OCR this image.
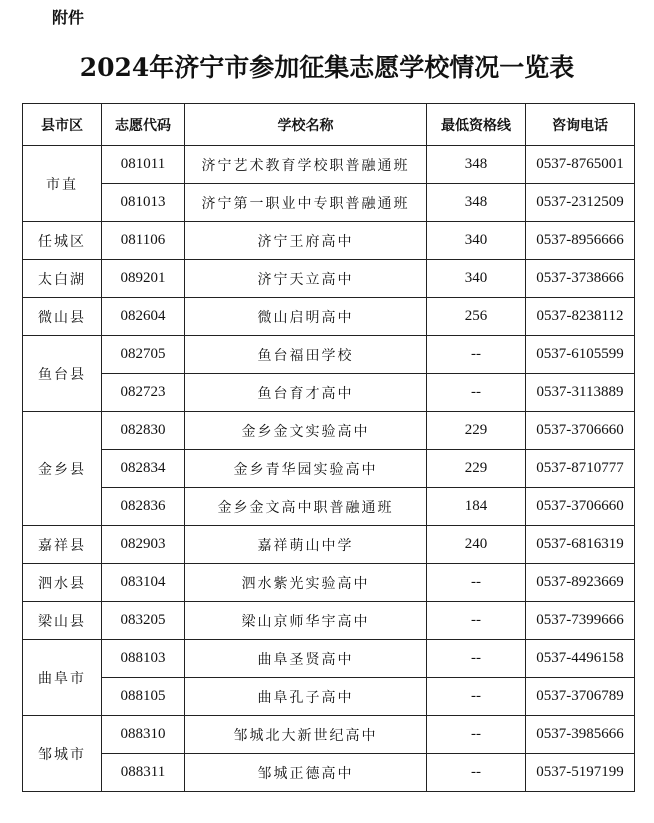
附件
2024年济宁市参加征集志愿学校情况一览表
县市区	志愿代码	学校名称	最低资格线	咨询电话
市直	081011	济宁艺术教育学校职普融通班	348	0537-8765001
	081013	济宁第一职业中专职普融通班	348	0537-2312509
任城区	081106	济宁王府高中	340	0537-8956666
太白湖	089201	济宁天立高中	340	0537-3738666
微山县	082604	微山启明高中	256	0537-8238112
鱼台县	082705	鱼台福田学校	--	0537-6105599
	082723	鱼台育才高中	--	0537-3113889
金乡县	082830	金乡金文实验高中	229	0537-3706660
	082834	金乡青华园实验高中	229	0537-8710777
	082836	金乡金文高中职普融通班	184	0537-3706660
嘉祥县	082903	嘉祥萌山中学	240	0537-6816319
泗水县	083104	泗水紫光实验高中	--	0537-8923669
梁山县	083205	梁山京师华宇高中	--	0537-7399666
曲阜市	088103	曲阜圣贤高中	--	0537-4496158
	088105	曲阜孔子高中	--	0537-3706789
邹城市	088310	邹城北大新世纪高中	--	0537-3985666
	088311	邹城正德高中	--	0537-5197199
